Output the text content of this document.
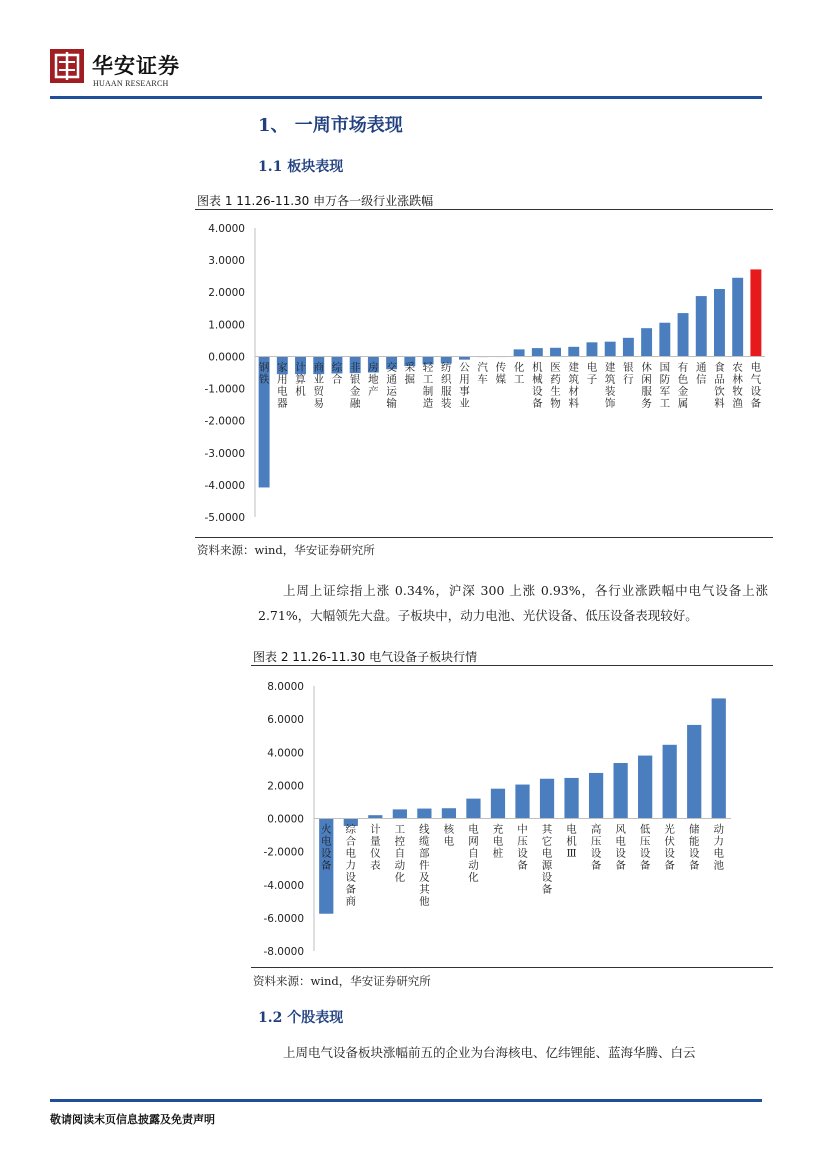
华安证券
HUAAN RESEARCH
1、 一周市场表现
1.1 板块表现
图表 1 11.26-11.30 申万各一级行业涨跌幅
4.0000
3.0000
2.0000
1.0000
0.0000
-1.0000
-2.0000
-3.0000
-4.0000
-5.0000
钢铁
家用电器
计算机
商业贸易
综合
非银金融
房地产
交通运输
采掘
轻工制造
纺织服装
公用事业
汽车
传媒
化工
机械设备
医药生物
建筑材料
电子
建筑装饰
银行
休闲服务
国防军工
有色金属
通信
食品饮料
农林牧渔
电气设备
资料来源：wind，华安证券研究所

上周上证综指上涨 0.34%，沪深 300 上涨 0.93%，各行业涨跌幅中电气设备上涨 2.71%，大幅领先大盘。子板块中，动力电池、光伏设备、低压设备表现较好。

图表 2 11.26-11.30 电气设备子板块行情
8.0000
6.0000
4.0000
2.0000
0.0000
-2.0000
-4.0000
-6.0000
-8.0000
火电设备
综合电力设备商
计量仪表
工控自动化
线缆部件及其他
核电
电网自动化
充电桩
中压设备
其它电源设备
电机 Ⅲ
高压设备
风电设备
低压设备
光伏设备
储能设备
动力电池
资料来源：wind，华安证券研究所
1.2 个股表现

上周电气设备板块涨幅前五的企业为台海核电、亿纬锂能、蓝海华腾、白云

敬请阅读末页信息披露及免责声明
